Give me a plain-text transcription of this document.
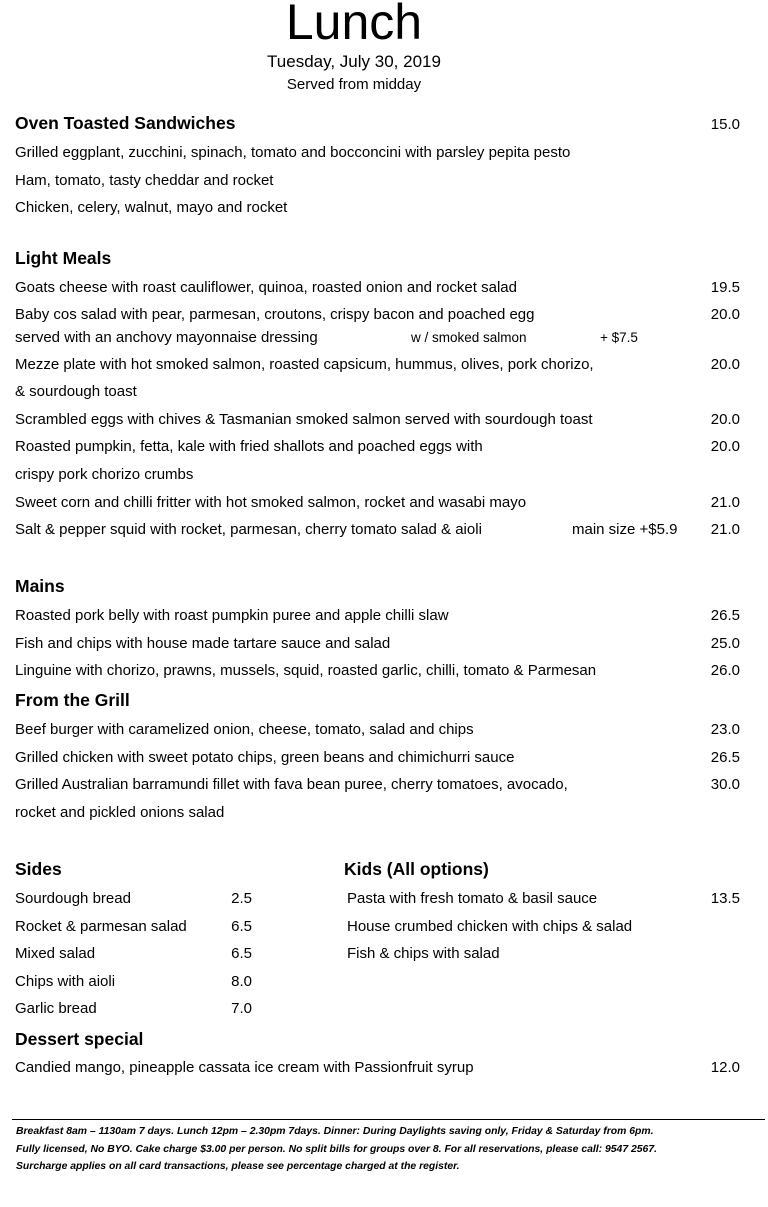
Lunch
Tuesday, July 30, 2019
Served from midday
Oven Toasted Sandwiches	15.0
Grilled eggplant, zucchini, spinach, tomato and bocconcini with parsley pepita pesto
Ham, tomato, tasty cheddar and rocket
Chicken, celery, walnut, mayo and rocket
Light Meals
Goats cheese with roast cauliflower, quinoa, roasted onion and rocket salad	19.5
Baby cos salad with pear, parmesan, croutons, crispy bacon and poached egg	20.0
served with an anchovy mayonnaise dressing	w / smoked salmon	+ $7.5
Mezze plate with hot smoked salmon, roasted capsicum, hummus, olives, pork chorizo,	20.0
& sourdough toast
Scrambled eggs with chives & Tasmanian smoked salmon served with sourdough toast	20.0
Roasted pumpkin, fetta, kale with fried shallots and poached eggs with	20.0
crispy pork chorizo crumbs
Sweet corn and chilli fritter with hot smoked salmon, rocket and wasabi mayo	21.0
Salt & pepper squid with rocket, parmesan, cherry tomato salad & aioli	main size +$5.9	21.0
Mains
Roasted pork belly with roast pumpkin puree and apple chilli slaw	26.5
Fish and chips with house made tartare sauce and salad	25.0
Linguine with chorizo, prawns, mussels, squid, roasted garlic, chilli, tomato & Parmesan	26.0
From the Grill
Beef burger with caramelized onion, cheese, tomato, salad and chips	23.0
Grilled chicken with sweet potato chips, green beans and chimichurri sauce	26.5
Grilled Australian barramundi fillet with fava bean puree, cherry tomatoes, avocado,	30.0
rocket and pickled onions salad
Sides
Sourdough bread	2.5
Rocket & parmesan salad	6.5
Mixed salad	6.5
Chips with aioli	8.0
Garlic bread	7.0
Kids (All options)
Pasta with fresh tomato & basil sauce	13.5
House crumbed chicken with chips & salad
Fish & chips with salad
Dessert special
Candied mango, pineapple cassata ice cream with Passionfruit syrup	12.0
Breakfast 8am – 1130am 7 days. Lunch 12pm – 2.30pm 7days. Dinner: During Daylights saving only, Friday & Saturday from 6pm.
Fully licensed, No BYO. Cake charge $3.00 per person. No split bills for groups over 8. For all reservations, please call: 9547 2567.
Surcharge applies on all card transactions, please see percentage charged at the register.
